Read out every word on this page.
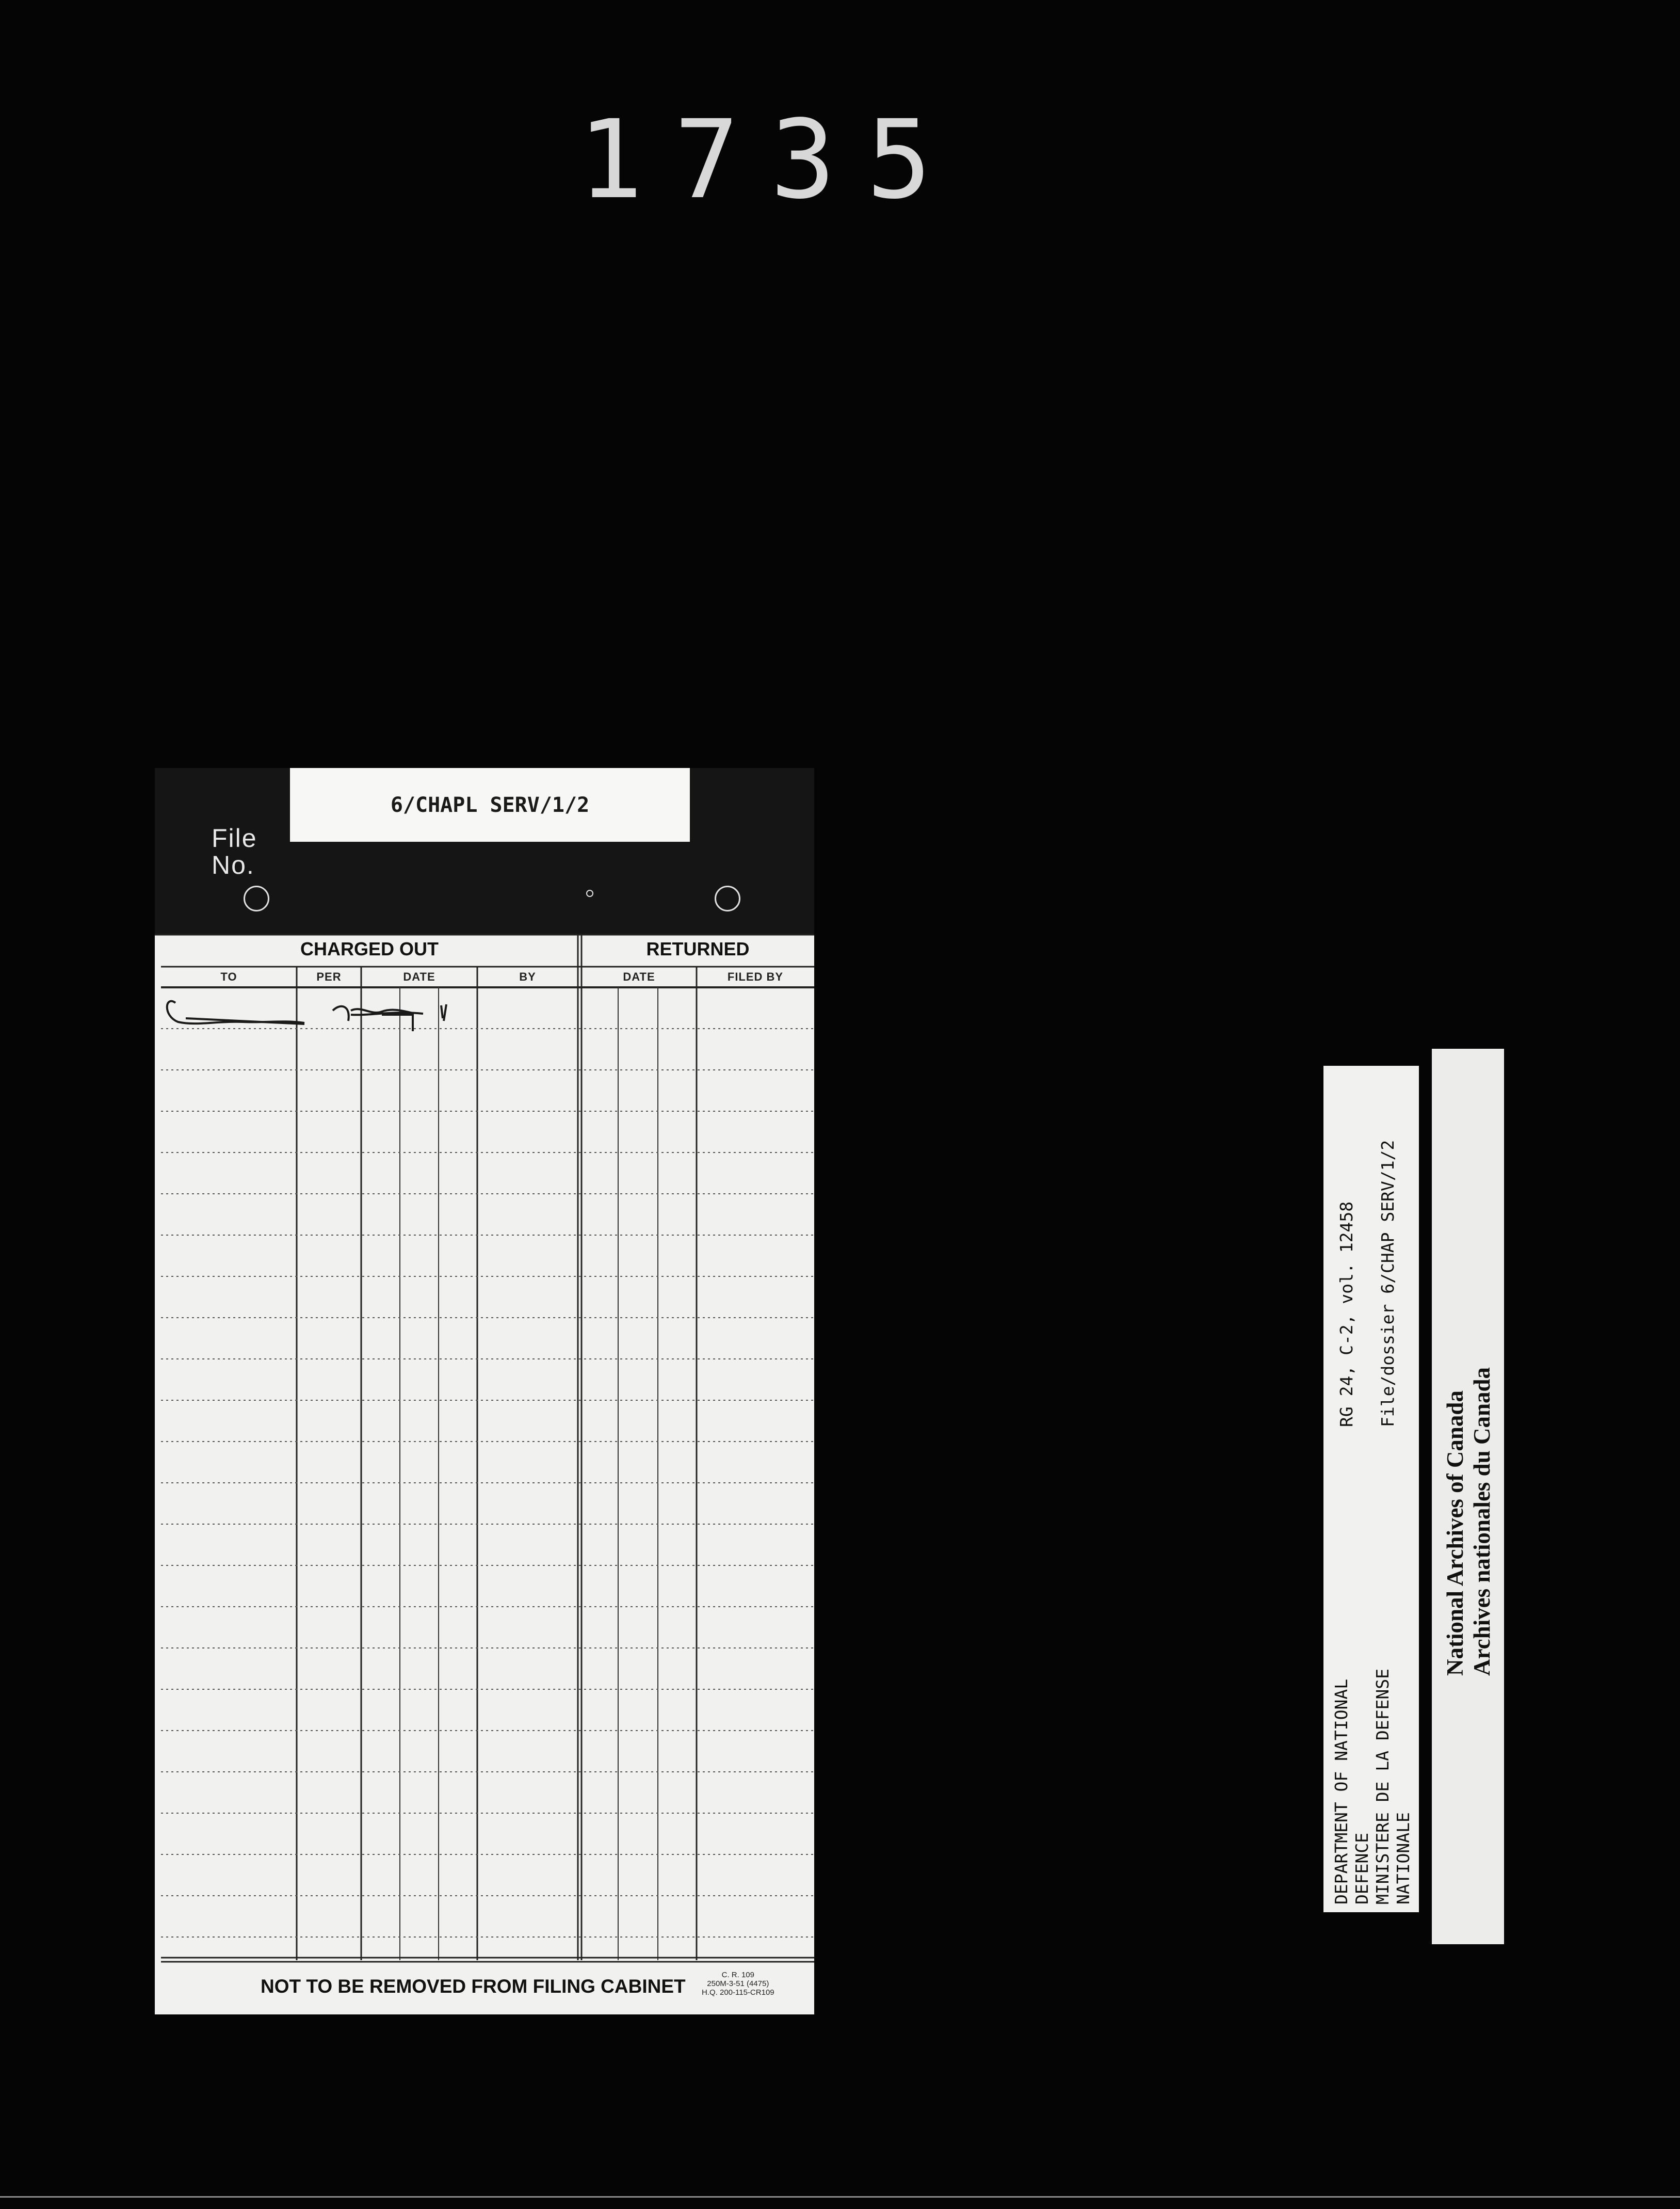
1735
6/CHAPL SERV/1/2
File
No.
CHARGED OUT	RETURNED
TO	PER	DATE	BY	DATE	FILED BY
NOT TO BE REMOVED FROM FILING CABINET
C. R. 109
250M-3-51 (4475)
H.Q. 200-115-CR109
DEPARTMENT OF NATIONAL DEFENCE MINISTERE DE LA DEFENSE NATIONALE
RG 24, C-2, vol. 12458 File/dossier 6/CHAP SERV/1/2
National Archives of Canada Archives nationales du Canada
